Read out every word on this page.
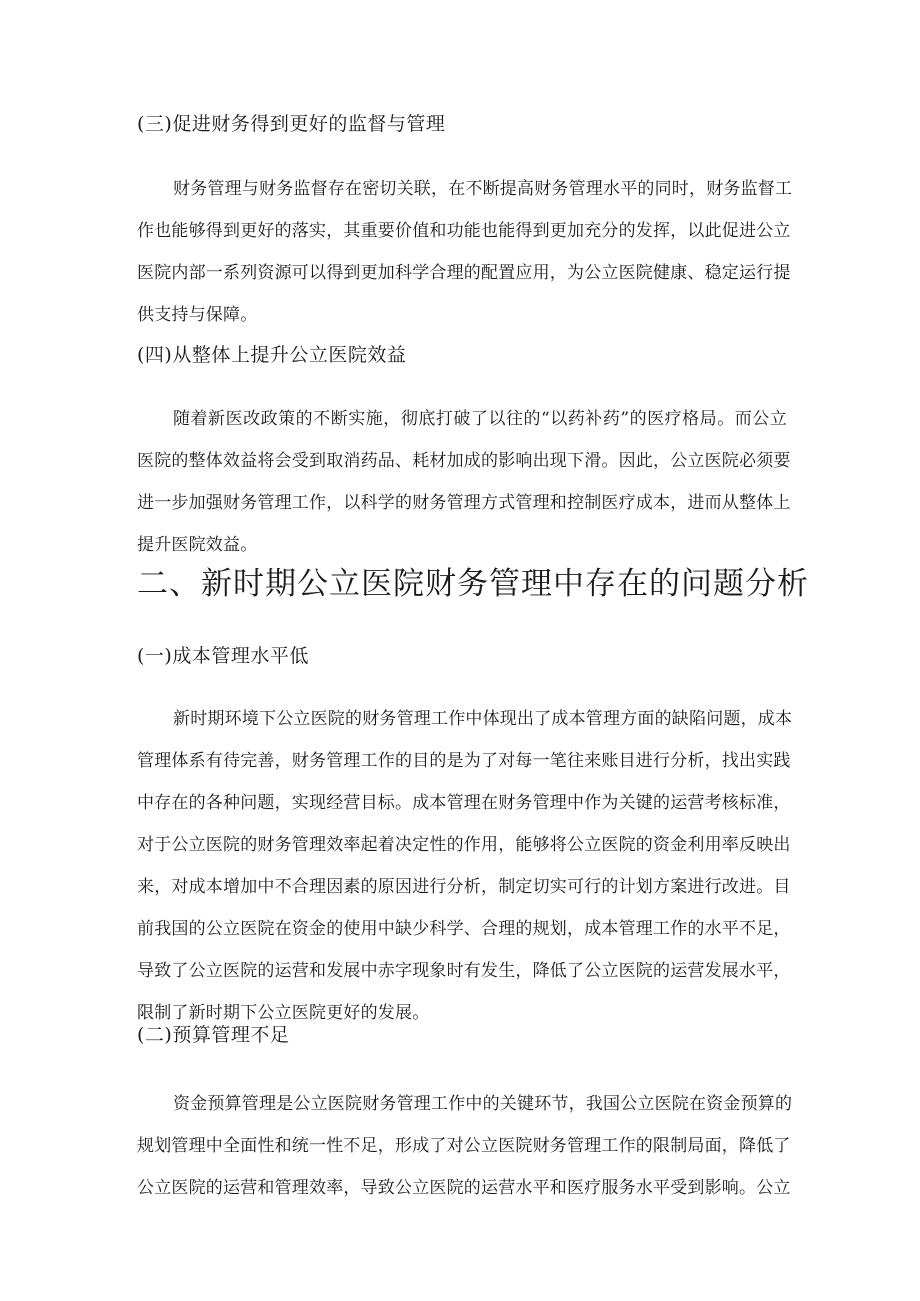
(三)促进财务得到更好的监督与管理
财务管理与财务监督存在密切关联，在不断提高财务管理水平的同时，财务监督工
作也能够得到更好的落实，其重要价值和功能也能得到更加充分的发挥，以此促进公立
医院内部一系列资源可以得到更加科学合理的配置应用，为公立医院健康、稳定运行提
供支持与保障。
(四)从整体上提升公立医院效益
随着新医改政策的不断实施，彻底打破了以往的“以药补药”的医疗格局。而公立
医院的整体效益将会受到取消药品、耗材加成的影响出现下滑。因此，公立医院必须要
进一步加强财务管理工作，以科学的财务管理方式管理和控制医疗成本，进而从整体上
提升医院效益。
二、新时期公立医院财务管理中存在的问题分析
(一)成本管理水平低
新时期环境下公立医院的财务管理工作中体现出了成本管理方面的缺陷问题，成本
管理体系有待完善，财务管理工作的目的是为了对每一笔往来账目进行分析，找出实践
中存在的各种问题，实现经营目标。成本管理在财务管理中作为关键的运营考核标准，
对于公立医院的财务管理效率起着决定性的作用，能够将公立医院的资金利用率反映出
来，对成本增加中不合理因素的原因进行分析，制定切实可行的计划方案进行改进。目
前我国的公立医院在资金的使用中缺少科学、合理的规划，成本管理工作的水平不足，
导致了公立医院的运营和发展中赤字现象时有发生，降低了公立医院的运营发展水平，
限制了新时期下公立医院更好的发展。
(二)预算管理不足
资金预算管理是公立医院财务管理工作中的关键环节，我国公立医院在资金预算的
规划管理中全面性和统一性不足，形成了对公立医院财务管理工作的限制局面，降低了
公立医院的运营和管理效率，导致公立医院的运营水平和医疗服务水平受到影响。公立
